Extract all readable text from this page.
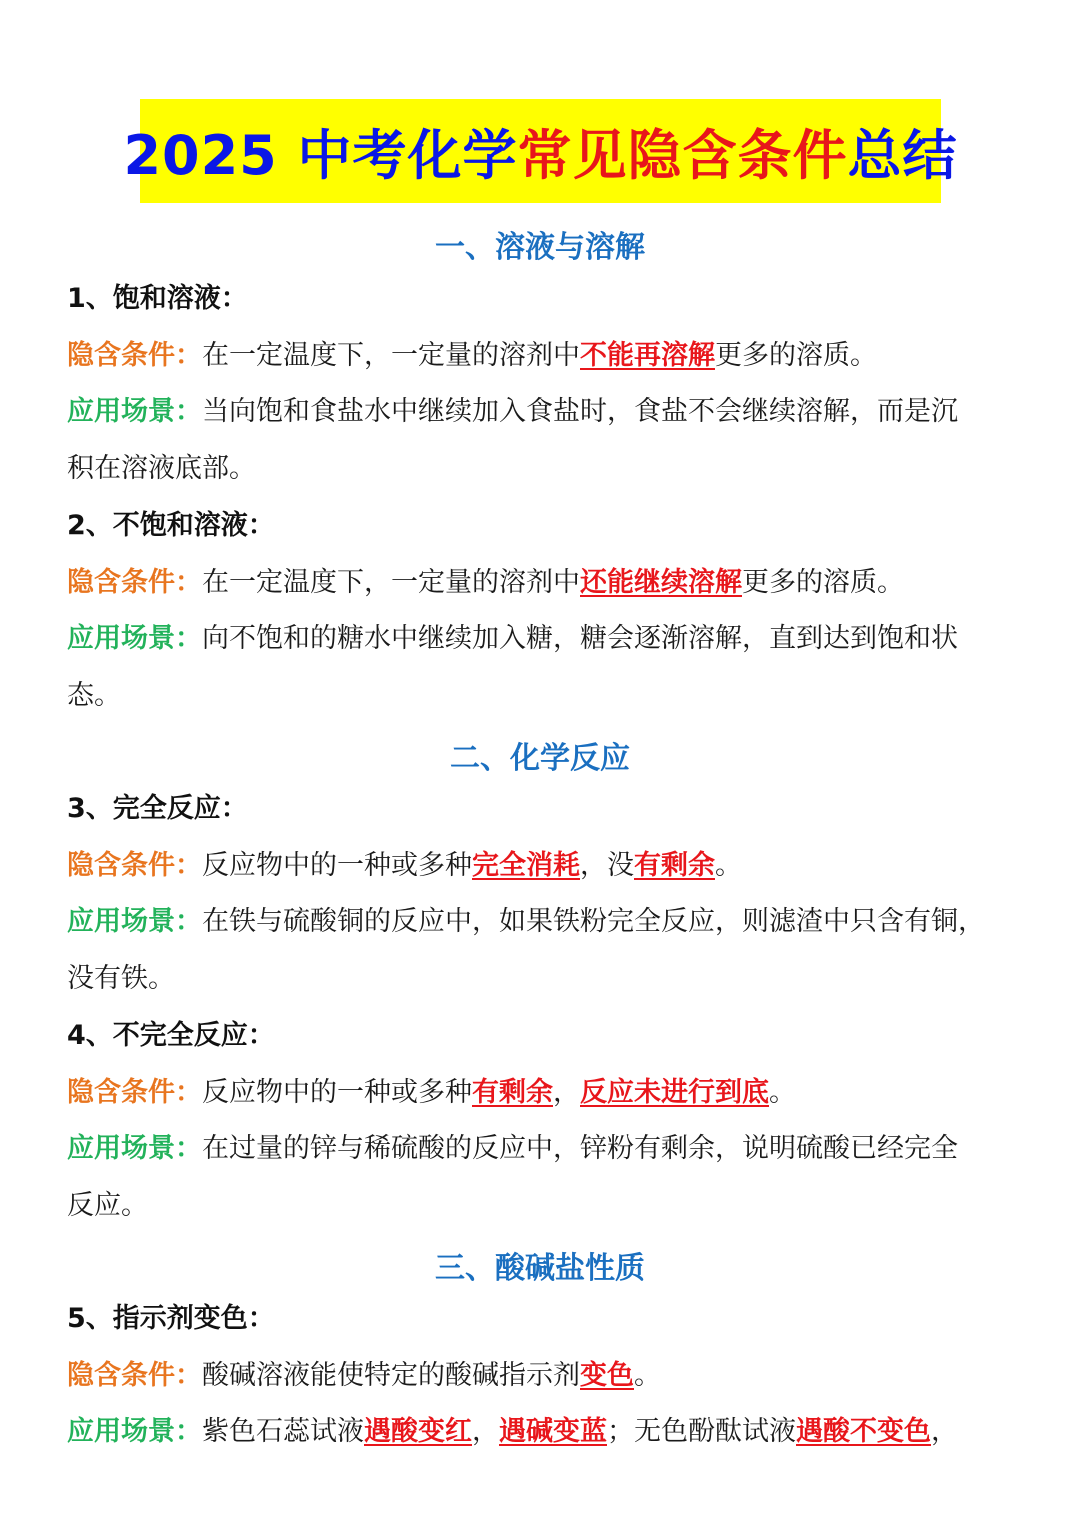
2025 中考化学 常见隐含条件 总结
一、溶液与溶解
1、饱和溶液：
隐含条件：在一定温度下，一定量的溶剂中不能再溶解更多的溶质。
应用场景：当向饱和食盐水中继续加入食盐时，食盐不会继续溶解，而是沉
积在溶液底部。
2、不饱和溶液：
隐含条件：在一定温度下，一定量的溶剂中还能继续溶解更多的溶质。
应用场景：向不饱和的糖水中继续加入糖，糖会逐渐溶解，直到达到饱和状
态。
二、化学反应
3、完全反应：
隐含条件：反应物中的一种或多种完全消耗，没有剩余。
应用场景：在铁与硫酸铜的反应中，如果铁粉完全反应，则滤渣中只含有铜，
没有铁。
4、不完全反应：
隐含条件：反应物中的一种或多种有剩余，反应未进行到底。
应用场景：在过量的锌与稀硫酸的反应中，锌粉有剩余，说明硫酸已经完全
反应。
三、酸碱盐性质
5、指示剂变色：
隐含条件：酸碱溶液能使特定的酸碱指示剂变色。
应用场景：紫色石蕊试液遇酸变红，遇碱变蓝；无色酚酞试液遇酸不变色，
